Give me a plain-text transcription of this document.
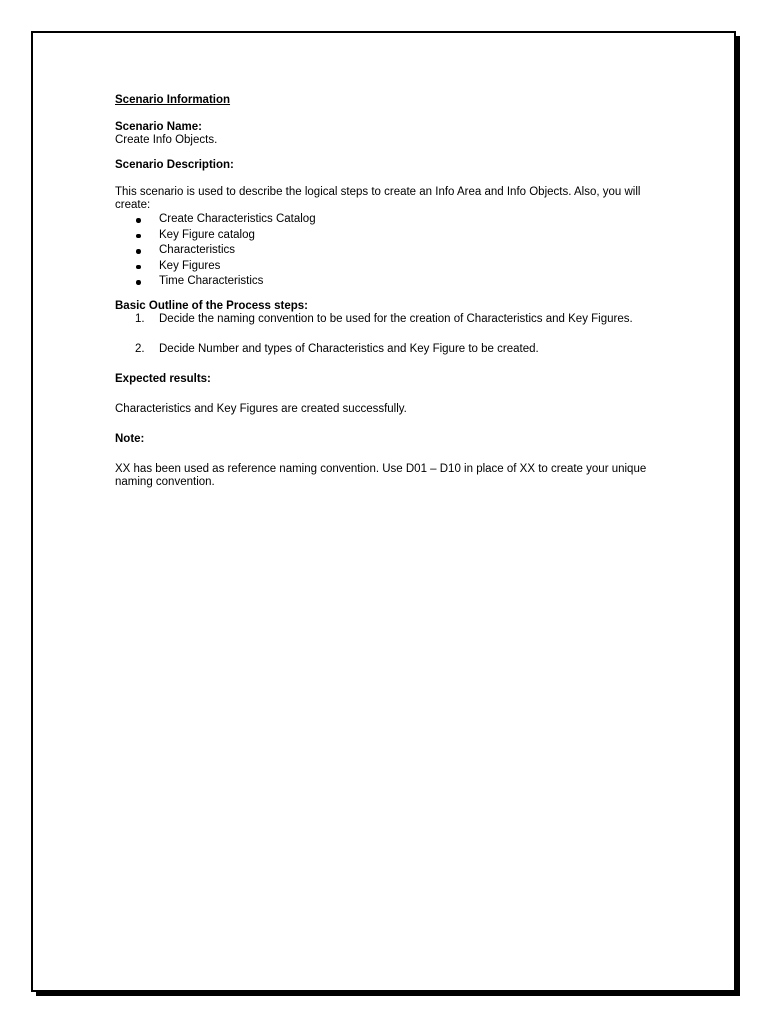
Scenario Information

Scenario Name:

Create Info Objects.

Scenario Description:

This scenario is used to describe the logical steps to create an Info Area and Info Objects. Also, you will create:

Create Characteristics Catalog
Key Figure catalog
Characteristics
Key Figures
Time Characteristics

Basic Outline of the Process steps:

1. Decide the naming convention to be used for the creation of Characteristics and Key Figures.
2. Decide Number and types of Characteristics and Key Figure to be created.

Expected results:

Characteristics and Key Figures are created successfully.

Note:

XX has been used as reference naming convention. Use D01 – D10 in place of XX to create your unique naming convention.
